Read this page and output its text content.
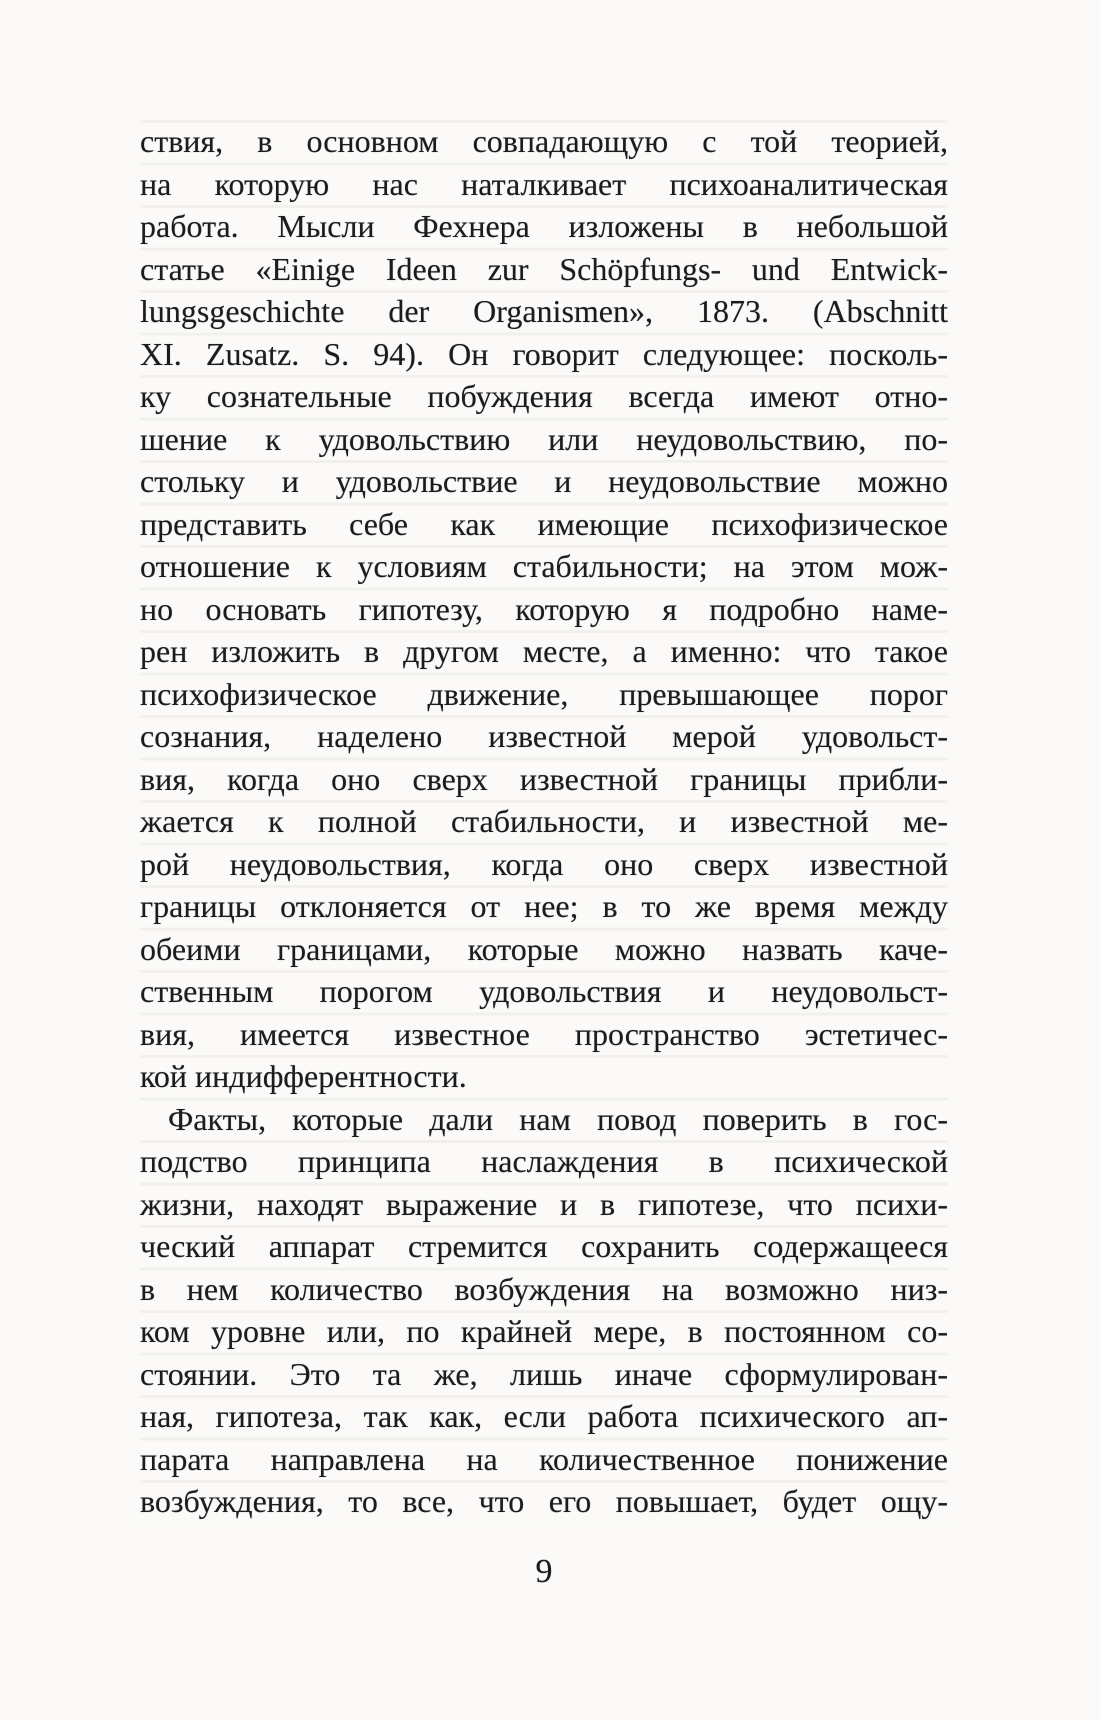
ствия, в основном совпадающую с той теорией,
на которую нас наталкивает психоаналитическая
работа. Мысли Фехнера изложены в небольшой
статье «Einige Ideen zur Schöpfungs- und Entwick-
lungsgeschichte der Organismen», 1873. (Abschnitt
XI. Zusatz. S. 94). Он говорит следующее: посколь-
ку сознательные побуждения всегда имеют отно-
шение к удовольствию или неудовольствию, по-
стольку и удовольствие и неудовольствие можно
представить себе как имеющие психофизическое
отношение к условиям стабильности; на этом мож-
но основать гипотезу, которую я подробно наме-
рен изложить в другом месте, а именно: что такое
психофизическое движение, превышающее порог
сознания, наделено известной мерой удовольст-
вия, когда оно сверх известной границы прибли-
жается к полной стабильности, и известной ме-
рой неудовольствия, когда оно сверх известной
границы отклоняется от нее; в то же время между
обеими границами, которые можно назвать каче-
ственным порогом удовольствия и неудовольст-
вия, имеется известное пространство эстетичес-
кой индифферентности.
Факты, которые дали нам повод поверить в гос-
подство принципа наслаждения в психической
жизни, находят выражение и в гипотезе, что психи-
ческий аппарат стремится сохранить содержащееся
в нем количество возбуждения на возможно низ-
ком уровне или, по крайней мере, в постоянном со-
стоянии. Это та же, лишь иначе сформулирован-
ная, гипотеза, так как, если работа психического ап-
парата направлена на количественное понижение
возбуждения, то все, что его повышает, будет ощу-
9
